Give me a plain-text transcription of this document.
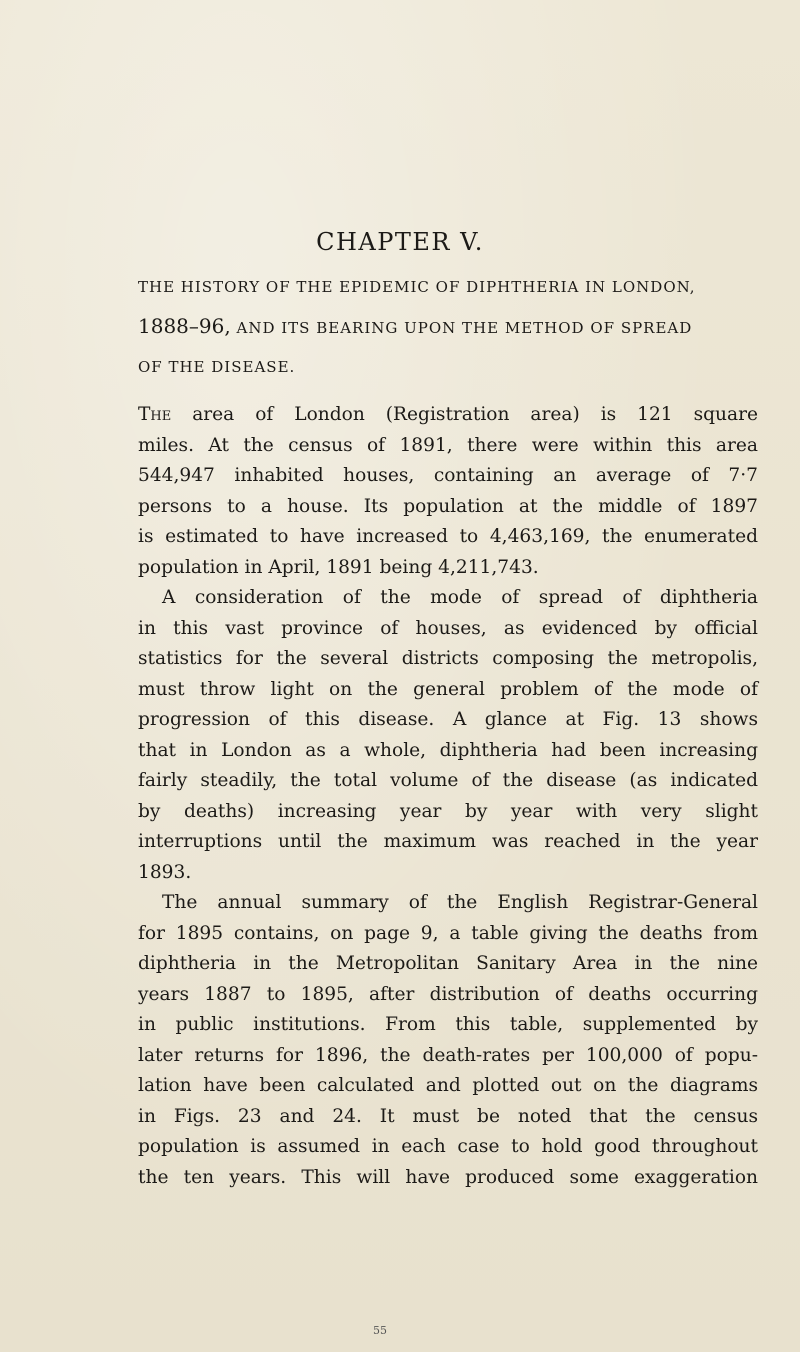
CHAPTER V.
THE HISTORY OF THE EPIDEMIC OF DIPHTHERIA IN LONDON,
1888–96, AND ITS BEARING UPON THE METHOD OF SPREAD
OF THE DISEASE.
The area of London (Registration area) is 121 square
miles. At the census of 1891, there were within this area
544,947 inhabited houses, containing an average of 7·7
persons to a house. Its population at the middle of 1897
is estimated to have increased to 4,463,169, the enumerated
population in April, 1891 being 4,211,743.
A consideration of the mode of spread of diphtheria
in this vast province of houses, as evidenced by official
statistics for the several districts composing the metropolis,
must throw light on the general problem of the mode of
progression of this disease. A glance at Fig. 13 shows
that in London as a whole, diphtheria had been increasing
fairly steadily, the total volume of the disease (as indicated
by deaths) increasing year by year with very slight
interruptions until the maximum was reached in the year
1893.
The annual summary of the English Registrar-General
for 1895 contains, on page 9, a table giving the deaths from
diphtheria in the Metropolitan Sanitary Area in the nine
years 1887 to 1895, after distribution of deaths occurring
in public institutions. From this table, supplemented by
later returns for 1896, the death-rates per 100,000 of popu-
lation have been calculated and plotted out on the diagrams
in Figs. 23 and 24. It must be noted that the census
population is assumed in each case to hold good throughout
the ten years. This will have produced some exaggeration
55
